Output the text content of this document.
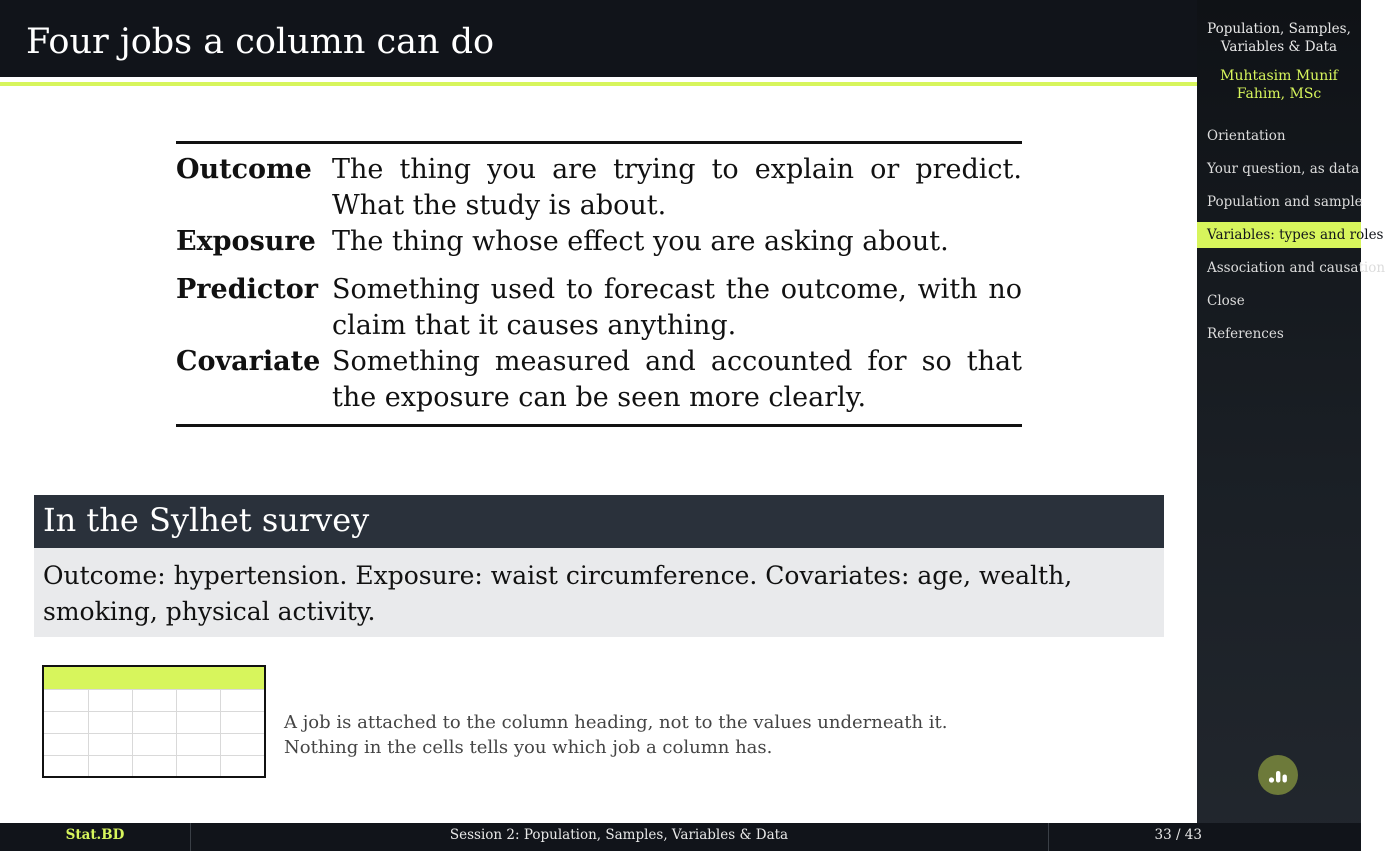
Four jobs a column can do
Outcome The thing you are trying to explain or predict. What the study is about.
Exposure The thing whose effect you are asking about.
Predictor Something used to forecast the outcome, with no claim that it causes anything.
Covariate Something measured and accounted for so that the exposure can be seen more clearly.
In the Sylhet survey
Outcome: hypertension. Exposure: waist circumference. Covariates: age, wealth, smoking, physical activity.
A job is attached to the column heading, not to the values underneath it. Nothing in the cells tells you which job a column has.
Population, Samples, Variables & Data
Muhtasim Munif Fahim, MSc
Orientation
Your question, as data
Population and sample
Variables: types and roles
Association and causation
Close
References
Stat.BD	Session 2: Population, Samples, Variables & Data	33 / 43
